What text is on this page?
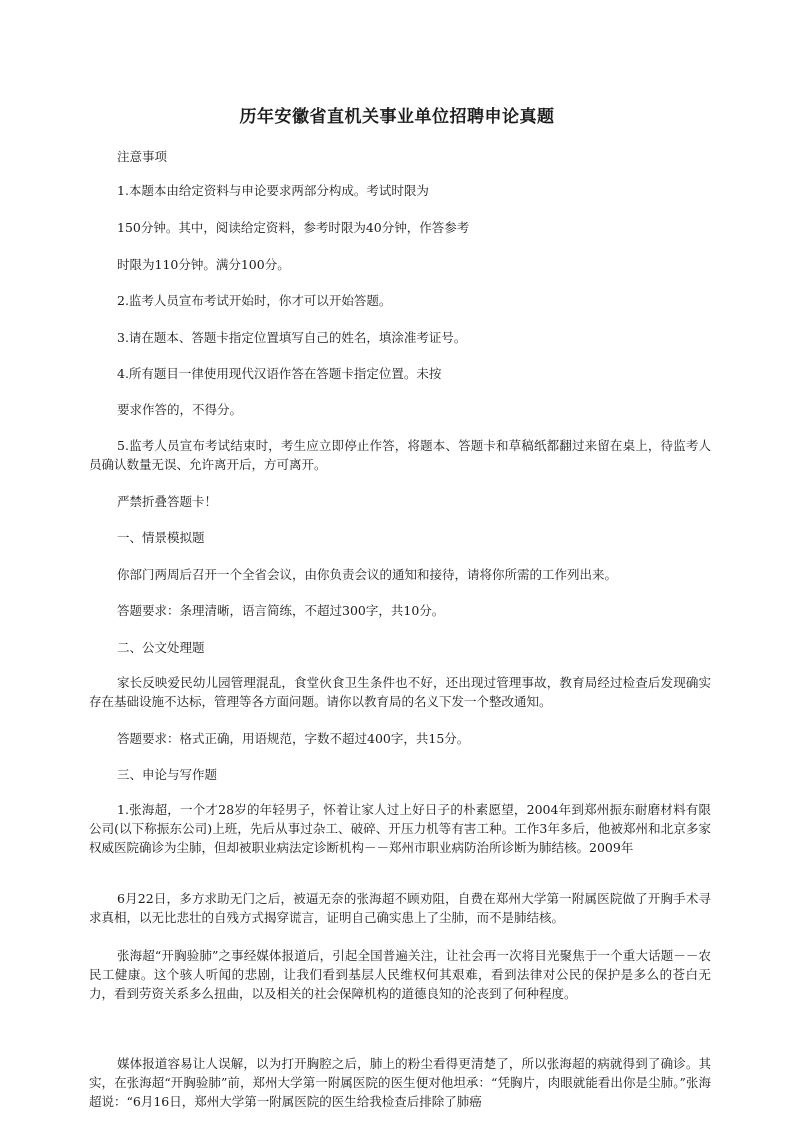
历年安徽省直机关事业单位招聘申论真题

注意事项

1.本题本由给定资料与申论要求两部分构成。考试时限为

150分钟。其中，阅读给定资料，参考时限为40分钟，作答参考

时限为110分钟。满分100分。

2.监考人员宣布考试开始时，你才可以开始答题。

3.请在题本、答题卡指定位置填写自己的姓名，填涂准考证号。

4.所有题目一律使用现代汉语作答在答题卡指定位置。未按

要求作答的，不得分。

5.监考人员宣布考试结束时，考生应立即停止作答，将题本、答题卡和草稿纸都翻过来留在桌上，待监考人员确认数量无误、允许离开后，方可离开。

严禁折叠答题卡！

一、情景模拟题

你部门两周后召开一个全省会议，由你负责会议的通知和接待，请将你所需的工作列出来。

答题要求：条理清晰，语言简练，不超过300字，共10分。

二、公文处理题

家长反映爱民幼儿园管理混乱，食堂伙食卫生条件也不好，还出现过管理事故，教育局经过检查后发现确实存在基础设施不达标，管理等各方面问题。请你以教育局的名义下发一个整改通知。

答题要求：格式正确，用语规范，字数不超过400字，共15分。

三、申论与写作题

1.张海超，一个才28岁的年轻男子，怀着让家人过上好日子的朴素愿望，2004年到郑州振东耐磨材料有限公司(以下称振东公司)上班，先后从事过杂工、破碎、开压力机等有害工种。工作3年多后，他被郑州和北京多家权威医院确诊为尘肺，但却被职业病法定诊断机构－－郑州市职业病防治所诊断为肺结核。2009年

6月22日，多方求助无门之后，被逼无奈的张海超不顾劝阻，自费在郑州大学第一附属医院做了开胸手术寻求真相，以无比悲壮的自残方式揭穿谎言，证明自己确实患上了尘肺，而不是肺结核。

张海超“开胸验肺”之事经媒体报道后，引起全国普遍关注，让社会再一次将目光聚焦于一个重大话题－－农民工健康。这个骇人听闻的悲剧，让我们看到基层人民维权何其艰难，看到法律对公民的保护是多么的苍白无力，看到劳资关系多么扭曲，以及相关的社会保障机构的道德良知的沦丧到了何种程度。

媒体报道容易让人误解，以为打开胸腔之后，肺上的粉尘看得更清楚了，所以张海超的病就得到了确诊。其实，在张海超“开胸验肺”前，郑州大学第一附属医院的医生便对他坦承：“凭胸片，肉眼就能看出你是尘肺。”张海超说：“6月16日，郑州大学第一附属医院的医生给我检查后排除了肺癌
